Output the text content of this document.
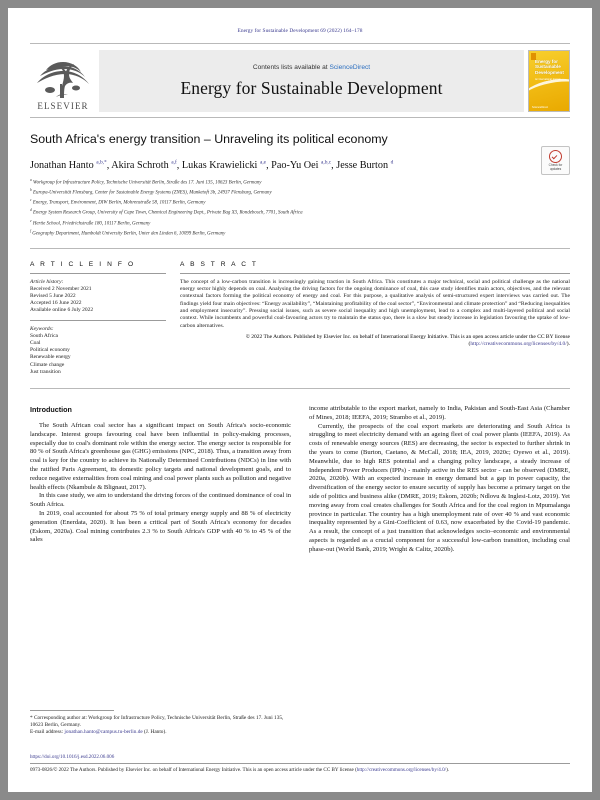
Energy for Sustainable Development 69 (2022) 164–178
ELSEVIER
Contents lists available at ScienceDirect
Energy for Sustainable Development
Energy for
Sustainable
Development
An International Journal
ScienceDirect
South Africa's energy transition – Unraveling its political economy
Jonathan Hanto $^{a,b,*}$, Akira Schroth $^{a,f}$, Lukas Krawielicki $^{a,e}$, Pao-Yu Oei $^{a,b,c}$, Jesse Burton $^d$
$^a$ Workgroup for Infrastructure Policy, Technische Universität Berlin, Straße des 17. Juni 135, 10623 Berlin, Germany
$^b$ Europa-Universität Flensburg, Center for Sustainable Energy Systems (ZNES), Munketoft 3b, 24937 Flensburg, Germany
$^c$ Energy, Transport, Environment, DIW Berlin, Mohrenstraße 58, 10117 Berlin, Germany
$^d$ Energy System Research Group, University of Cape Town, Chemical Engineering Dept., Private Bag X3, Rondebosch, 7701, South Africa
$^e$ Hertie School, Friedrichstraße 180, 10117 Berlin, Germany
$^f$ Geography Department, Humboldt University Berlin, Unter den Linden 6, 10099 Berlin, Germany
Check for
updates
A R T I C L E I N F O
Article history:
Received 2 November 2021
Revised 5 June 2022
Accepted 16 June 2022
Available online 6 July 2022
Keywords:
South Africa
Coal
Political economy
Renewable energy
Climate change
Just transition
A B S T R A C T
The concept of a low-carbon transition is increasingly gaining traction in South Africa. This constitutes a major technical, social and political challenge as the national energy sector highly depends on coal. Analysing the driving factors for the ongoing dominance of coal, this case study identifies main actors, objectives, and the relevant contextual factors forming the political economy of energy and coal. For this purpose, a qualitative analysis of semi-structured expert interviews was carried out. The findings yield four main objectives: “Energy availability”, “Maintaining profitability of the coal sector”, “Environmental and climate protection” and “Reducing inequalities and employment insecurity”. Pressing social issues, such as severe social inequality and high unemployment, lead to a complex and multi-layered political and social context. While incumbents and powerful coal-favouring actors try to maintain the status quo, there is a slow but steady increase in legislation favouring the uptake of low-carbon alternatives.
© 2022 The Authors. Published by Elsevier Inc. on behalf of International Energy Initiative. This is an open access article under the CC BY license (http://creativecommons.org/licenses/by/4.0/).
Introduction

The South African coal sector has a significant impact on South Africa's socio-economic landscape. Interest groups favouring coal have been influential in policy-making processes, especially due to coal's dominant role within the energy sector. The energy sector is responsible for 80 % of South Africa's greenhouse gas (GHG) emissions (NPC, 2018). Thus, a transition away from coal is key for the country to achieve its Nationally Determined Contributions (NDCs) in line with the ratified Paris Agreement, its domestic policy targets and national development goals, and to reduce negative externalities from coal mining and coal power plants such as pollution and negative health effects (Nkambule & Blignaut, 2017).

In this case study, we aim to understand the driving forces of the continued dominance of coal in South Africa.

In 2019, coal accounted for about 75 % of total primary energy supply and 88 % of electricity generation (Enerdata, 2020). It has been a critical part of South Africa's economy for decades (Eskom, 2020a). Coal mining contributes 2.3 % to South Africa's GDP with 40 % to 45 % of the sales

income attributable to the export market, namely to India, Pakistan and South-East Asia (Chamber of Mines, 2018; IEEFA, 2019; Strambo et al., 2019).

Currently, the prospects of the coal export markets are deteriorating and South Africa is struggling to meet electricity demand with an ageing fleet of coal power plants (IEEFA, 2019). As costs of renewable energy sources (RES) are decreasing, the sector is expected to further shrink in the years to come (Burton, Caetano, & McCall, 2018; IEA, 2019, 2020c; Oyewo et al., 2019). Meanwhile, due to high RES potential and a changing policy landscape, a steady increase of Independent Power Producers (IPPs) - mainly active in the RES sector - can be observed (DMRE, 2020a, 2020b). With an expected increase in energy demand but a gap in power capacity, the diversification of the energy sector to ensure security of supply has become a primary target on the side of politics and business alike (DMRE, 2019; Eskom, 2020b; Ndlovu & Inglesi-Lotz, 2019). Yet moving away from coal creates challenges for South Africa and for the coal region in Mpumalanga province in particular. The country has a high unemployment rate of over 40 % and vast economic inequality represented by a Gini-Coefficient of 0.63, now exacerbated by the Covid-19 pandemic. As a result, the concept of a just transition that acknowledges socio–economic and environmental aspects is regarded as a crucial component for a successful low-carbon transition, including coal phase-out (World Bank, 2019; Wright & Calitz, 2020b).

* Corresponding author at: Workgroup for Infrastructure Policy, Technische Universität Berlin, Straße des 17. Juni 135, 10623 Berlin, Germany.
E-mail address: jonathan.hanto@campus.tu-berlin.de (J. Hanto).
https://doi.org/10.1016/j.esd.2022.06.006
0973-0826/© 2022 The Authors. Published by Elsevier Inc. on behalf of International Energy Initiative. This is an open access article under the CC BY license (http://creativecommons.org/licenses/by/4.0/).
